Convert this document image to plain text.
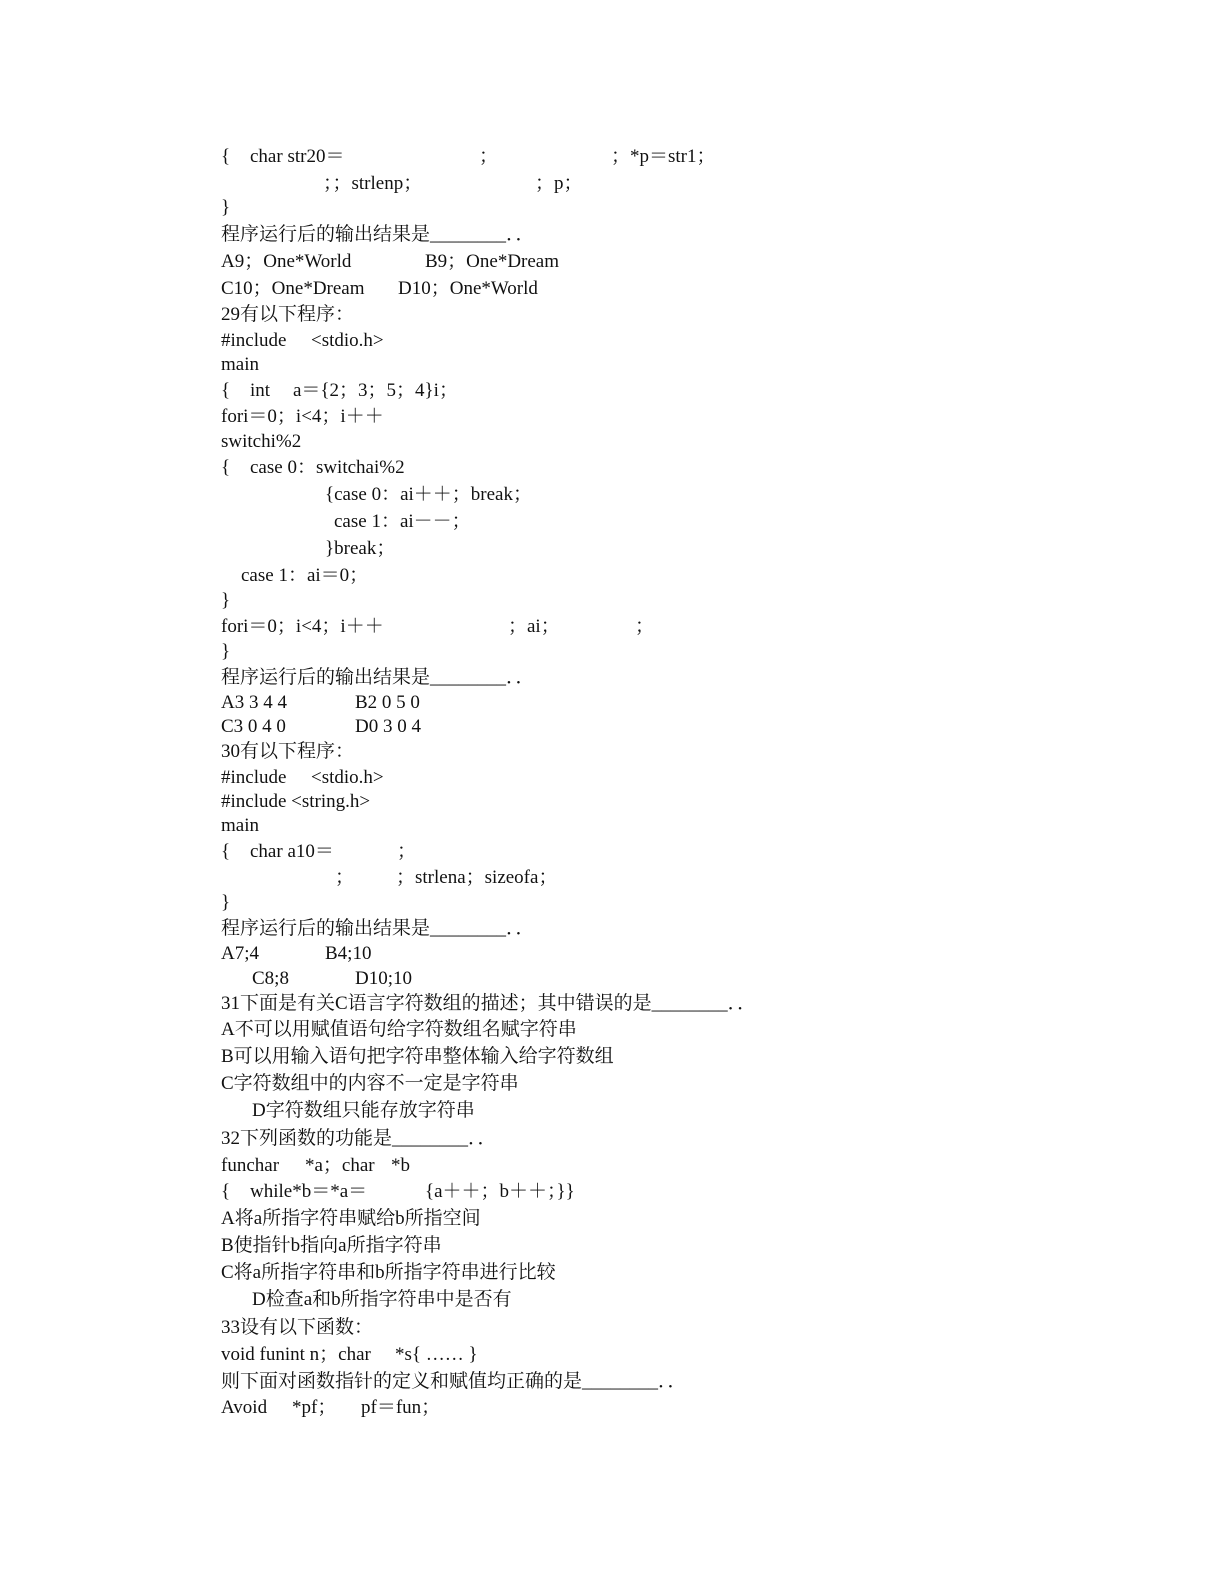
{

char str20＝

	；

	；*p＝str1；

；；strlenp；

	；p；

}

程序运行后的输出结果是________．．

A9；One*World

	B9；One*Dream

C10；One*Dream

D10；One*World

29有以下程序：

#include

<stdio.h>

main

{

int

a＝{2；3；5；4}i；

fori＝0；i<4；i＋＋

switchi%2

{

case 0：switchai%2

{case 0：ai＋＋；break；

case 1：ai－－；

}break；

case 1：ai＝0；

}

fori＝0；i<4；i＋＋

	；ai；

	；

}

程序运行后的输出结果是________．．

A3 3 4 4

	B2 0 5 0

C3 0 4 0

	D0 3 0 4

30有以下程序：

#include

<stdio.h>

#include <string.h>

main

{

char a10＝

	；

；

；strlena；sizeofa；

}

程序运行后的输出结果是________．．

A7;4

	B4;10

C8;8

	D10;10

31下面是有关C语言字符数组的描述；其中错误的是________．．

A不可以用赋值语句给字符数组名赋字符串

B可以用输入语句把字符串整体输入给字符数组

C字符数组中的内容不一定是字符串

D字符数组只能存放字符串

32下列函数的功能是________．．

funchar

*a；char

*b

{

while*b＝*a＝

	{a＋＋；b＋＋；}}

A将a所指字符串赋给b所指空间

B使指针b指向a所指字符串

C将a所指字符串和b所指字符串进行比较

D检查a和b所指字符串中是否有

33设有以下函数：

void funint n；char

*s{ …… }

则下面对函数指针的定义和赋值均正确的是________．．

Avoid

*pf；

pf＝fun；
